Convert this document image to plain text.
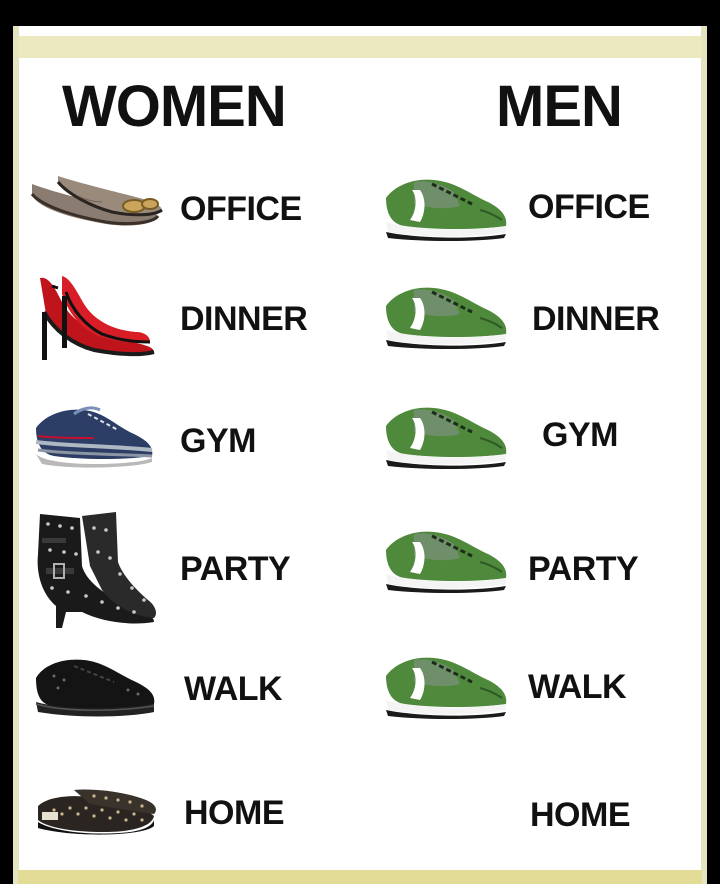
WOMEN	MEN
OFFICE
DINNER
GYM
PARTY
WALK
HOME
OFFICE
DINNER
GYM
PARTY
WALK
HOME
